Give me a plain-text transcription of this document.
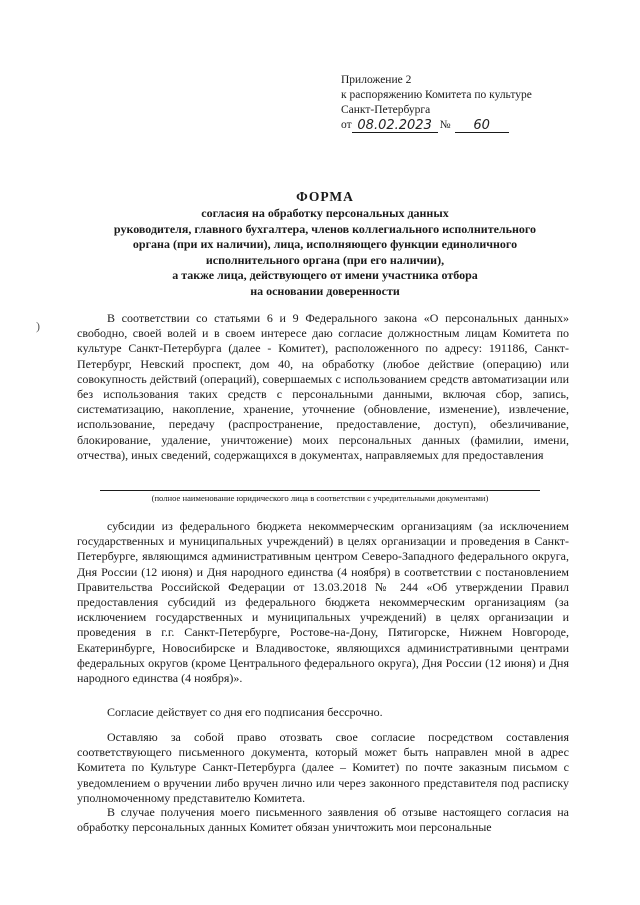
Приложение 2
к распоряжению Комитета по культуре
Санкт-Петербурга
от 08.02.2023 №	60
ФОРМА
согласия на обработку персональных данных
руководителя, главного бухгалтера, членов коллегиального исполнительного
органа (при их наличии), лица, исполняющего функции единоличного
исполнительного органа (при его наличии),
а также лица, действующего от имени участника отбора
на основании доверенности
)
В соответствии со статьями 6 и 9 Федерального закона «О персональных данных» свободно, своей волей и в своем интересе даю согласие должностным лицам Комитета по культуре Санкт-Петербурга (далее - Комитет), расположенного по адресу: 191186, Санкт-Петербург, Невский проспект, дом 40, на обработку (любое действие (операцию) или совокупность действий (операций), совершаемых с использованием средств автоматизации или без использования таких средств с персональными данными, включая сбор, запись, систематизацию, накопление, хранение, уточнение (обновление, изменение), извлечение, использование, передачу (распространение, предоставление, доступ), обезличивание, блокирование, удаление, уничтожение) моих персональных данных (фамилии, имени, отчества), иных сведений, содержащихся в документах, направляемых для предоставления
(полное наименование юридического лица в соответствии с учредительными документами)
субсидии из федерального бюджета некоммерческим организациям (за исключением государственных и муниципальных учреждений) в целях организации и проведения в Санкт-Петербурге, являющимся административным центром Северо-Западного федерального округа, Дня России (12 июня) и Дня народного единства (4 ноября) в соответствии с постановлением Правительства Российской Федерации от 13.03.2018 № 244 «Об утверждении Правил предоставления субсидий из федерального бюджета некоммерческим организациям (за исключением государственных и муниципальных учреждений) в целях организации и проведения в г.г. Санкт-Петербурге, Ростове-на-Дону, Пятигорске, Нижнем Новгороде, Екатеринбурге, Новосибирске и Владивостоке, являющихся административными центрами федеральных округов (кроме Центрального федерального округа), Дня России (12 июня) и Дня народного единства (4 ноября)».
Согласие действует со дня его подписания бессрочно.
Оставляю за собой право отозвать свое согласие посредством составления соответствующего письменного документа, который может быть направлен мной в адрес Комитета по Культуре Санкт-Петербурга (далее – Комитет) по почте заказным письмом с уведомлением о вручении либо вручен лично или через законного представителя под расписку уполномоченному представителю Комитета.
В случае получения моего письменного заявления об отзыве настоящего согласия на обработку персональных данных Комитет обязан уничтожить мои персональные
